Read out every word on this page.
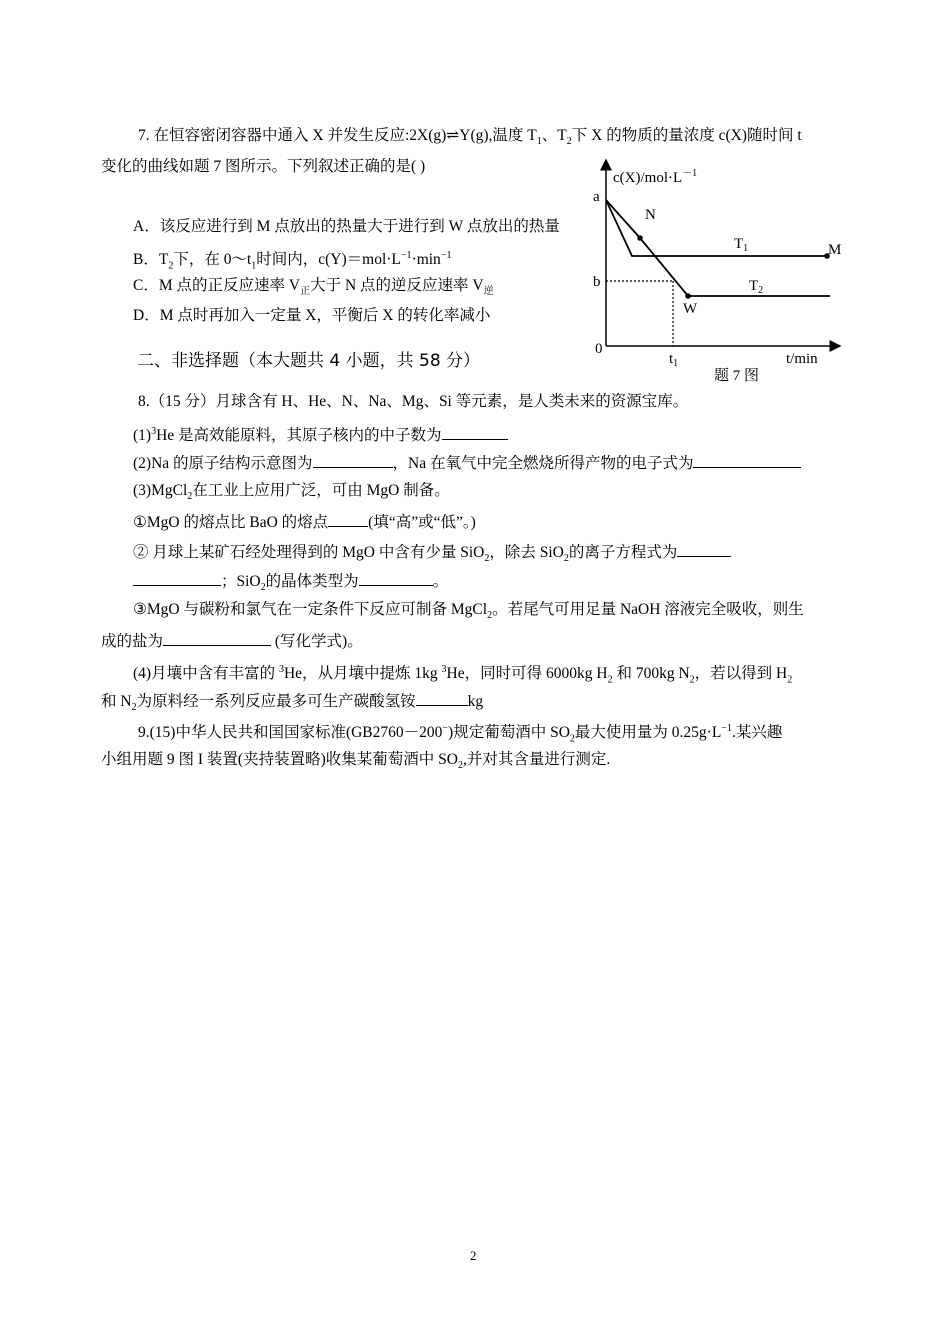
7. 在恒容密闭容器中通入 X 并发生反应:2X(g)⇌Y(g),温度 $T_1$、$T_2$下 X 的物质的量浓度 c(X)随时间 t
变化的曲线如题 7 图所示。下列叙述正确的是( )
A．该反应进行到 M 点放出的热量大于进行到 W 点放出的热量
B．$T_2$下，在 $0\sim t_1$时间内，$c(Y)=mol\cdot L^{-1}\cdot\min^{-1}$
C．M 点的正反应速率 $V_正$大于 N 点的逆反应速率 $V_逆$
D．M 点时再加入一定量 X，平衡后 X 的转化率减小
$c(X)/mol\cdot L^{-1}$
t/min
0
a
b
$t_1$
N
M
W
$T_1$
$T_2$
题 7 图
二、非选择题（本大题共 4 小题，共 58 分）
8.（15 分）月球含有 H、He、N、Na、Mg、Si 等元素，是人类未来的资源宝库。
$(1)^3He$ 是高效能原料，其原子核内的中子数为
(2)Na 的原子结构示意图为	，Na 在氧气中完全燃烧所得产物的电子式为
(3)MgCl$_2$在工业上应用广泛，可由 MgO 制备。
①MgO 的熔点比 BaO 的熔点	(填“高”或“低”。)
② 月球上某矿石经处理得到的 MgO 中含有少量 SiO$_2$，除去 SiO$_2$的离子方程式为
；SiO$_2$的晶体类型为	。
③MgO 与碳粉和氯气在一定条件下反应可制备 MgCl$_2$。若尾气可用足量 NaOH 溶液完全吸收，则生
成的盐为	(写化学式)。
(4)月壤中含有丰富的 $^3$He，从月壤中提炼 1kg $^3$He，同时可得 6000kg $H_2$ 和 700kg $N_2$，若以得到 $H_2$
和 $N_2$为原料经一系列反应最多可生产碳酸氢铵	kg
9.(15)中华人民共和国国家标准(GB2760－200−)规定葡萄酒中 $SO_2$最大使用量为 $0.25g\cdot L^{-1}$.某兴趣
小组用题 9 图 I 装置(夹持装置略)收集某葡萄酒中 $SO_2$,并对其含量进行测定.
2
